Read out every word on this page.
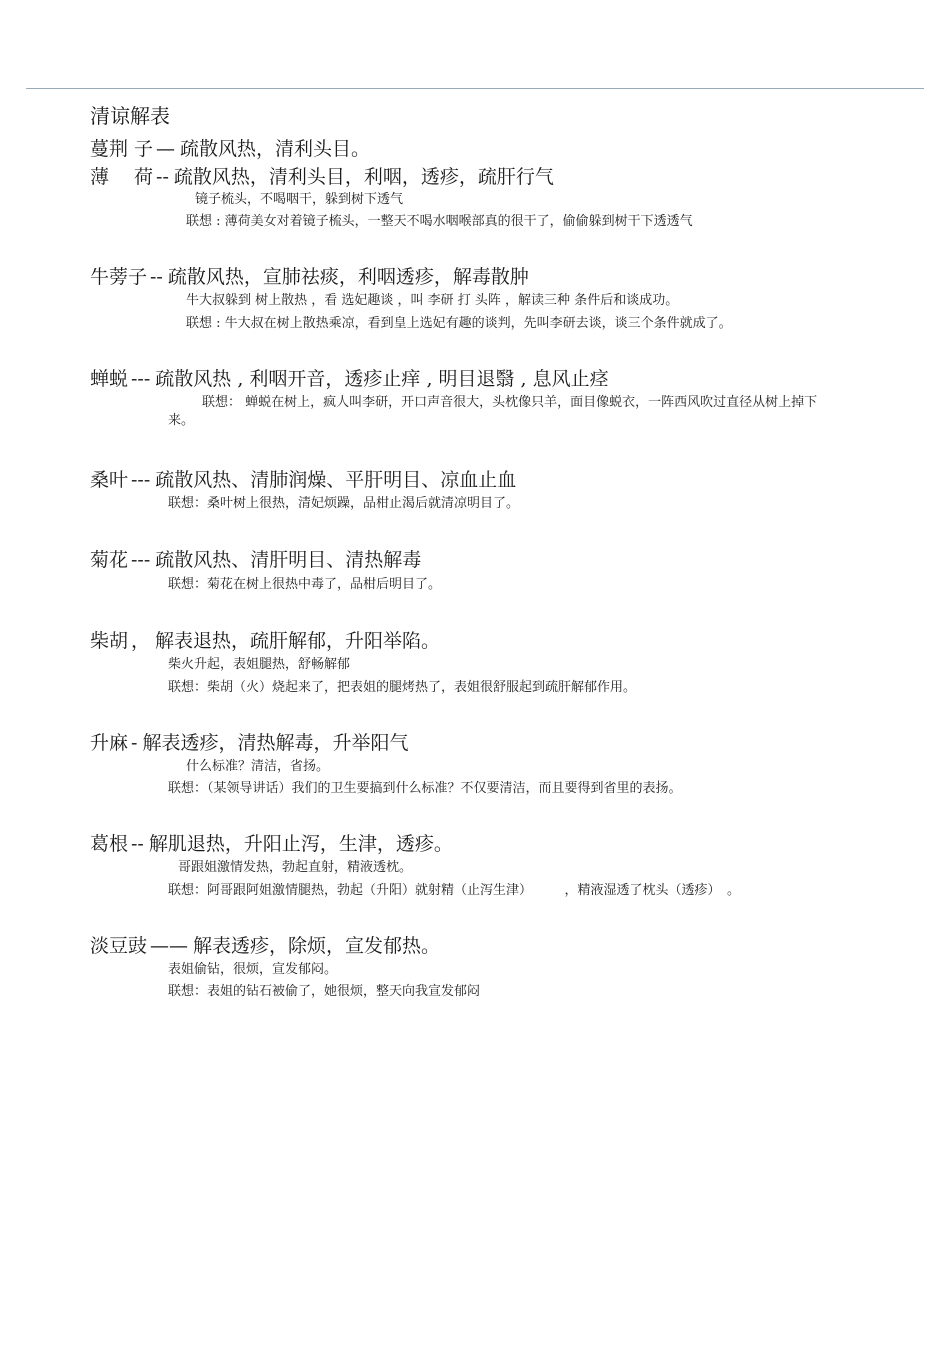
清谅解表
蔓荆 子 — 疏散风热，清利头目。
薄　 荷 -- 疏散风热，清利头目，利咽，透疹，疏肝行气
镜子梳头，不喝咽干，躲到树下透气
联想 : 薄荷美女对着镜子梳头，一整天不喝水咽喉部真的很干了，偷偷躲到树干下透透气
牛蒡子 -- 疏散风热，宣肺祛痰，利咽透疹，解毒散肿
牛大叔躲到 树上散热 ，看 选妃趣谈 ，叫 李研 打 头阵 ，解读三种 条件后和谈成功。
联想 : 牛大叔在树上散热乘凉，看到皇上选妃有趣的谈判，先叫李研去谈，谈三个条件就成了。
蝉蜕 --- 疏散风热 , 利咽开音，透疹止痒 , 明目退翳 , 息风止痉
联想： 蝉蜕在树上，疯人叫李研，开口声音很大，头枕像只羊，面目像蜕衣，一阵西风吹过直径从树上掉下来。
桑叶 --- 疏散风热、清肺润燥、平肝明目、凉血止血
联想：桑叶树上很热，清妃烦躁，品柑止渴后就清凉明目了。
菊花 --- 疏散风热、清肝明目、清热解毒
联想：菊花在树上很热中毒了，品柑后明目了。
柴胡 ， 解表退热，疏肝解郁，升阳举陷。
柴火升起，表姐腿热，舒畅解郁
联想：柴胡（火）烧起来了，把表姐的腿烤热了，表姐很舒服起到疏肝解郁作用。
升麻 - 解表透疹，清热解毒，升举阳气
什么标准？清洁，省扬。
联想：（某领导讲话）我们的卫生要搞到什么标准？不仅要清洁，而且要得到省里的表扬。
葛根 -- 解肌退热，升阳止泻，生津，透疹。
哥跟姐激情发热，勃起直射，精液透枕。
联想：阿哥跟阿姐激情腿热，勃起（升阳）就射精（止泻生津）　　　，精液湿透了枕头（透疹）　。
淡豆豉 —— 解表透疹，除烦，宣发郁热。
表姐偷钻，很烦，宣发郁闷。
联想：表姐的钻石被偷了，她很烦，整天向我宣发郁闷
